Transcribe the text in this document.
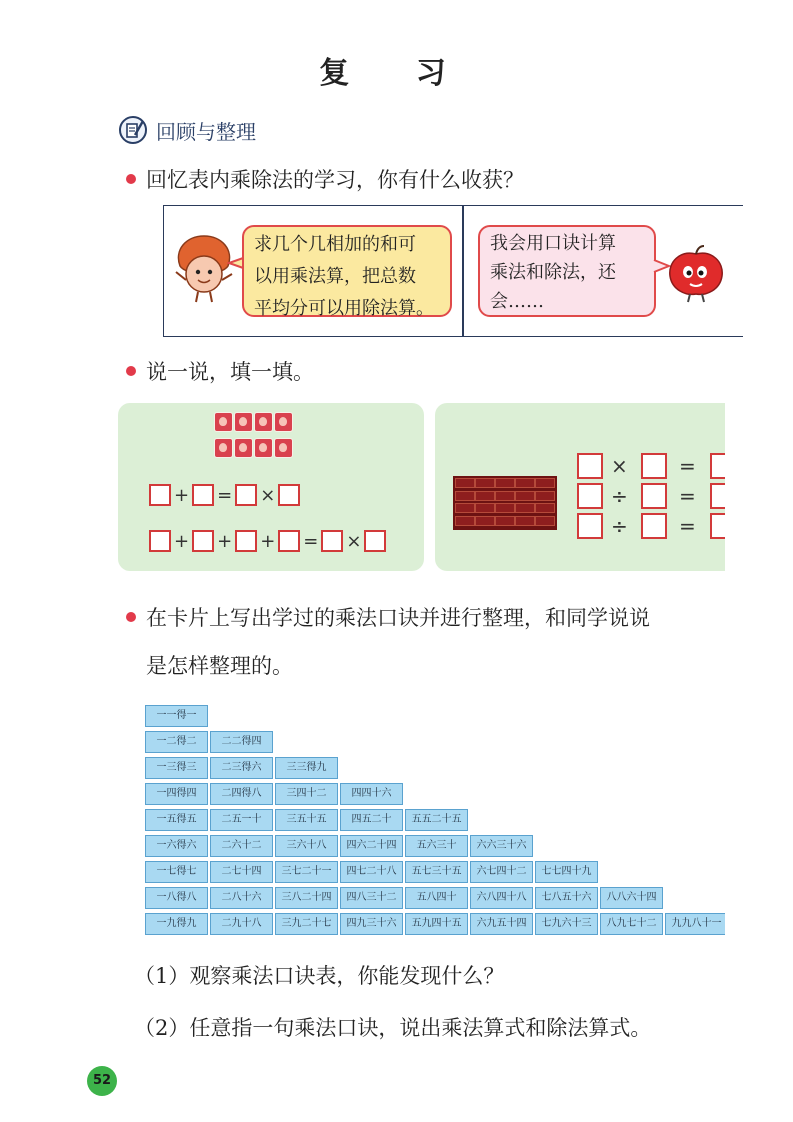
复 习
回顾与整理
回忆表内乘除法的学习，你有什么收获？
求几个几相加的和可
以用乘法算，把总数
平均分可以用除法算。
我会用口诀计算
乘法和除法，还
会……
说一说，填一填。
+ = ×
+ + + = ×
×	=
÷	=
÷	=
在卡片上写出学过的乘法口诀并进行整理，和同学说说
是怎样整理的。
一一得一
一二得二	二二得四
一三得三	二三得六	三三得九
一四得四	二四得八	三四十二	四四十六
一五得五	二五一十	三五十五	四五二十	五五二十五
一六得六	二六十二	三六十八	四六二十四	五六三十	六六三十六
一七得七	二七十四	三七二十一	四七二十八	五七三十五	六七四十二	七七四十九
一八得八	二八十六	三八二十四	四八三十二	五八四十	六八四十八	七八五十六	八八六十四
一九得九	二九十八	三九二十七	四九三十六	五九四十五	六九五十四	七九六十三	八九七十二	九九八十一
（1）观察乘法口诀表，你能发现什么？
（2）任意指一句乘法口诀，说出乘法算式和除法算式。
52
